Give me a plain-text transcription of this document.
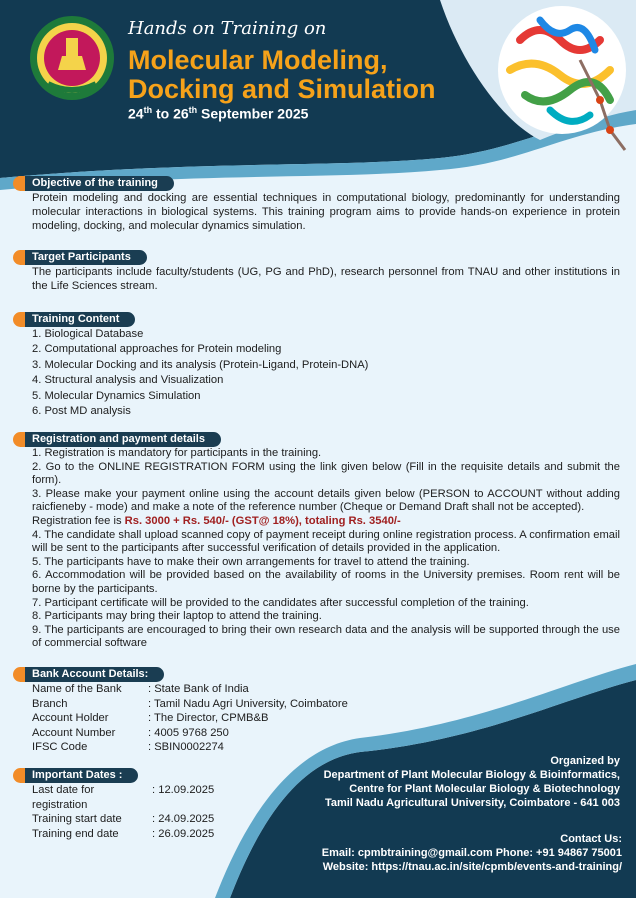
Hands on Training on
Molecular Modeling, Docking and Simulation
24th to 26th September 2025
Objective of the training
Protein modeling and docking are essential techniques in computational biology, predominantly for understanding molecular interactions in biological systems. This training program aims to provide hands-on experience in protein modeling, docking, and molecular dynamics simulation.
Target Participants
The participants include faculty/students (UG, PG and PhD), research personnel from TNAU and other institutions in the Life Sciences stream.
Training Content
1. Biological Database
2. Computational approaches for Protein modeling
3. Molecular Docking and its analysis (Protein-Ligand, Protein-DNA)
4. Structural analysis and Visualization
5. Molecular Dynamics Simulation
6. Post MD analysis
Registration and payment details
1. Registration is mandatory for participants in the training.
2. Go to the ONLINE REGISTRATION FORM using the link given below (Fill in the requisite details and submit the form).
3. Please make your payment online using the account details given below (PERSON to ACCOUNT without adding raicfieneby - mode) and make a note of the reference number (Cheque or Demand Draft shall not be accepted).
Registration fee is Rs. 3000 + Rs. 540/- (GST@ 18%), totaling Rs. 3540/-
4. The candidate shall upload scanned copy of payment receipt during online registration process. A confirmation email will be sent to the participants after successful verification of details provided in the application.
5. The participants have to make their own arrangements for travel to attend the training.
6. Accommodation will be provided based on the availability of rooms in the University premises. Room rent will be borne by the participants.
7. Participant certificate will be provided to the candidates after successful completion of the training.
8. Participants may bring their laptop to attend the training.
9. The participants are encouraged to bring their own research data and the analysis will be supported through the use of commercial software
Bank Account Details:
Name of the Bank	: State Bank of India
Branch	: Tamil Nadu Agri University, Coimbatore
Account Holder	: The Director, CPMB&B
Account Number	: 4005 9768 250
IFSC Code	: SBIN0002274
Important Dates :
Last date for registration
: 12.09.2025
Training start date	: 24.09.2025
Training end date	: 26.09.2025
Organized by
Department of Plant Molecular Biology & Bioinformatics,
Centre for Plant Molecular Biology & Biotechnology
Tamil Nadu Agricultural University, Coimbatore - 641 003
Contact Us:
Email: cpmbtraining@gmail.com Phone: +91 94867 75001
Website: https://tnau.ac.in/site/cpmb/events-and-training/
